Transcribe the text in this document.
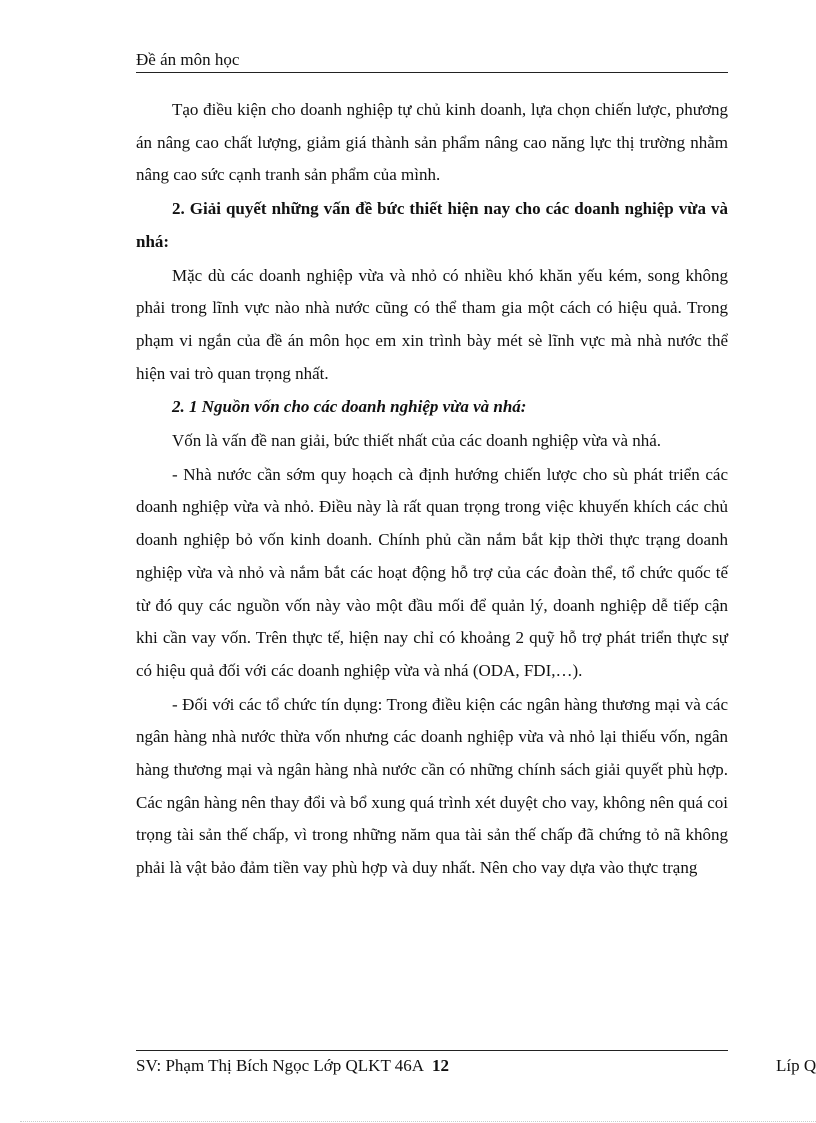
Đề án môn học

Tạo điều kiện cho doanh nghiệp tự chủ kinh doanh, lựa chọn chiến lược, phương án nâng cao chất lượng, giảm giá thành sản phẩm nâng cao năng lực thị trường nhằm nâng cao sức cạnh tranh sản phẩm của mình.

2. Giải quyết những vấn đề bức thiết hiện nay cho các doanh nghiệp vừa và nhá:

Mặc dù các doanh nghiệp vừa và nhỏ có nhiều khó khăn yếu kém, song không phải trong lĩnh vực nào nhà nước cũng có thể tham gia một cách có hiệu quả. Trong phạm vi ngắn của đề án môn học em xin trình bày mét sè lĩnh vực mà nhà nước thể hiện vai trò quan trọng nhất.

2. 1 Nguồn vốn cho các doanh nghiệp vừa và nhá:

Vốn là vấn đề nan giải, bức thiết nhất của các doanh nghiệp vừa và nhá.

- Nhà nước cần sớm quy hoạch cà định hướng chiến lược cho sù phát triển các doanh nghiệp vừa và nhỏ. Điều này là rất quan trọng trong việc khuyến khích các chủ doanh nghiệp bỏ vốn kinh doanh. Chính phủ cần nắm bắt kịp thời thực trạng doanh nghiệp vừa và nhỏ và nắm bắt các hoạt động hỗ trợ của các đoàn thể, tổ chức quốc tế từ đó quy các nguồn vốn này vào một đầu mối để quản lý, doanh nghiệp dễ tiếp cận khi cần vay vốn. Trên thực tế, hiện nay chỉ có khoảng 2 quỹ hỗ trợ phát triển thực sự có hiệu quả đối với các doanh nghiệp vừa và nhá (ODA, FDI,…).

- Đối với các tổ chức tín dụng: Trong điều kiện các ngân hàng thương mại và các ngân hàng nhà nước thừa vốn nhưng các doanh nghiệp vừa và nhỏ lại thiếu vốn, ngân hàng thương mại và ngân hàng nhà nước cần có những chính sách giải quyết phù hợp. Các ngân hàng nên thay đổi và bổ xung quá trình xét duyệt cho vay, không nên quá coi trọng tài sản thế chấp, vì trong những năm qua tài sản thế chấp đã chứng tỏ nã không phải là vật bảo đảm tiền vay phù hợp và duy nhất. Nên cho vay dựa vào thực trạng

SV: Phạm Thị Bích Ngọc Lớp QLKT 46A 12	Líp Q
